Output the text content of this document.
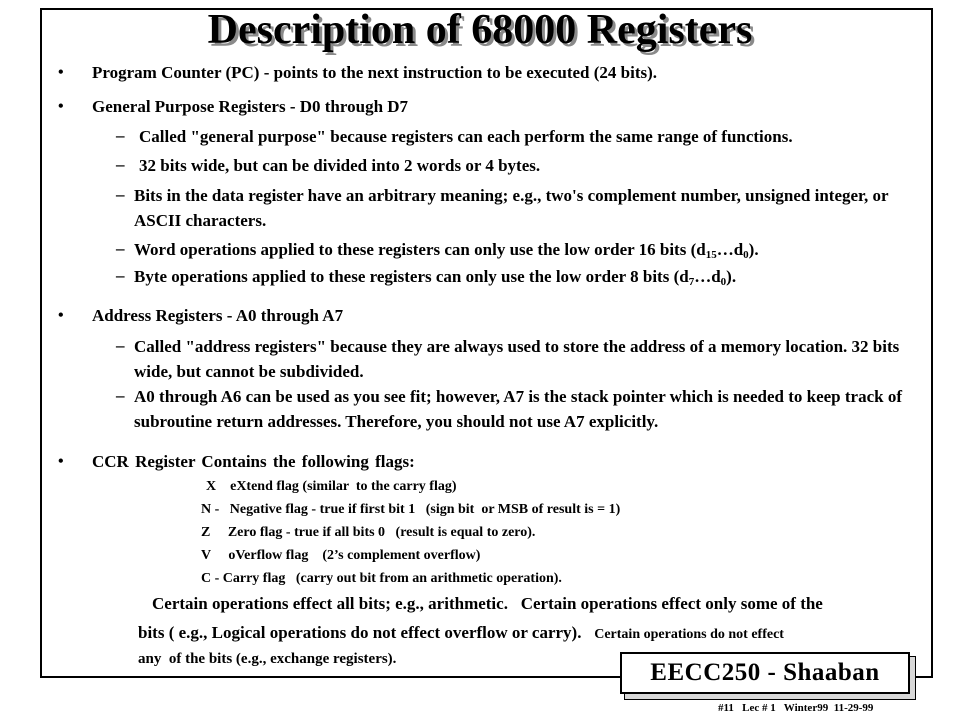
Description of 68000 Registers
• Program Counter (PC) - points to the next instruction to be executed (24 bits).
• General Purpose Registers - D0 through D7
– Called "general purpose" because registers can each perform the same range of functions.
– 32 bits wide, but can be divided into 2 words or 4 bytes.
– Bits in the data register have an arbitrary meaning; e.g., two's complement number, unsigned integer, or ASCII characters.
– Word operations applied to these registers can only use the low order 16 bits $(d_{15}\dots d_0)$.
– Byte operations applied to these registers can only use the low order 8 bits $(d_7\dots d_0)$.
• Address Registers - A0 through A7
– Called "address registers" because they are always used to store the address of a memory location. 32 bits wide, but cannot be subdivided.
– A0 through A6 can be used as you see fit; however, A7 is the stack pointer which is needed to keep track of subroutine return addresses. Therefore, you should not use A7 explicitly.
• CCR Register Contains the following flags:
X    eXtend flag (similar  to the carry flag)
N -   Negative flag - true if first bit 1   (sign bit  or MSB of result is = 1)
Z     Zero flag - true if all bits 0   (result is equal to zero).
V     oVerflow flag    (2’s complement overflow)
C - Carry flag   (carry out bit from an arithmetic operation).
Certain operations effect all bits; e.g., arithmetic.   Certain operations effect only some of the
bits ( e.g., Logical operations do not effect overflow or carry). Certain operations do not effect
any  of the bits (e.g., exchange registers).	EECC250 - Shaaban
#11   Lec # 1   Winter99  11-29-99
